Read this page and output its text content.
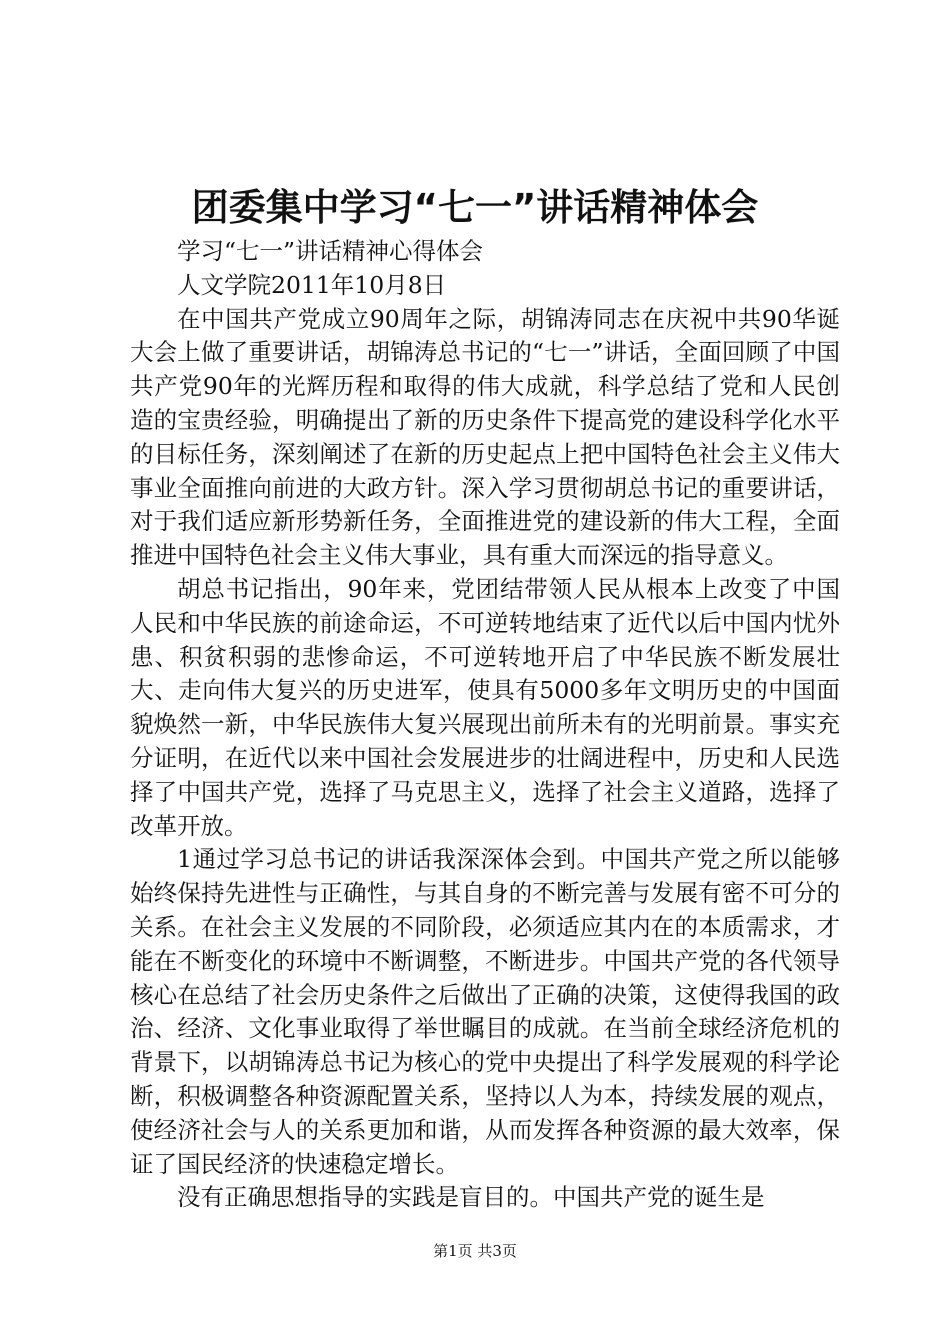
团委集中学习“七一”讲话精神体会

学习“七一”讲话精神心得体会

人文学院2011年10月8日

在中国共产党成立90周年之际，胡锦涛同志在庆祝中共90华诞大会上做了重要讲话，胡锦涛总书记的“七一”讲话，全面回顾了中国共产党90年的光辉历程和取得的伟大成就，科学总结了党和人民创造的宝贵经验，明确提出了新的历史条件下提高党的建设科学化水平的目标任务，深刻阐述了在新的历史起点上把中国特色社会主义伟大事业全面推向前进的大政方针。深入学习贯彻胡总书记的重要讲话，对于我们适应新形势新任务，全面推进党的建设新的伟大工程，全面推进中国特色社会主义伟大事业，具有重大而深远的指导意义。

胡总书记指出，90年来，党团结带领人民从根本上改变了中国人民和中华民族的前途命运，不可逆转地结束了近代以后中国内忧外患、积贫积弱的悲惨命运，不可逆转地开启了中华民族不断发展壮大、走向伟大复兴的历史进军，使具有5000多年文明历史的中国面貌焕然一新，中华民族伟大复兴展现出前所未有的光明前景。事实充分证明，在近代以来中国社会发展进步的壮阔进程中，历史和人民选择了中国共产党，选择了马克思主义，选择了社会主义道路，选择了改革开放。

1通过学习总书记的讲话我深深体会到。中国共产党之所以能够始终保持先进性与正确性，与其自身的不断完善与发展有密不可分的关系。在社会主义发展的不同阶段，必须适应其内在的本质需求，才能在不断变化的环境中不断调整，不断进步。中国共产党的各代领导核心在总结了社会历史条件之后做出了正确的决策，这使得我国的政治、经济、文化事业取得了举世瞩目的成就。在当前全球经济危机的背景下，以胡锦涛总书记为核心的党中央提出了科学发展观的科学论断，积极调整各种资源配置关系，坚持以人为本，持续发展的观点，使经济社会与人的关系更加和谐，从而发挥各种资源的最大效率，保证了国民经济的快速稳定增长。

没有正确思想指导的实践是盲目的。中国共产党的诞生是

第1页 共3页
